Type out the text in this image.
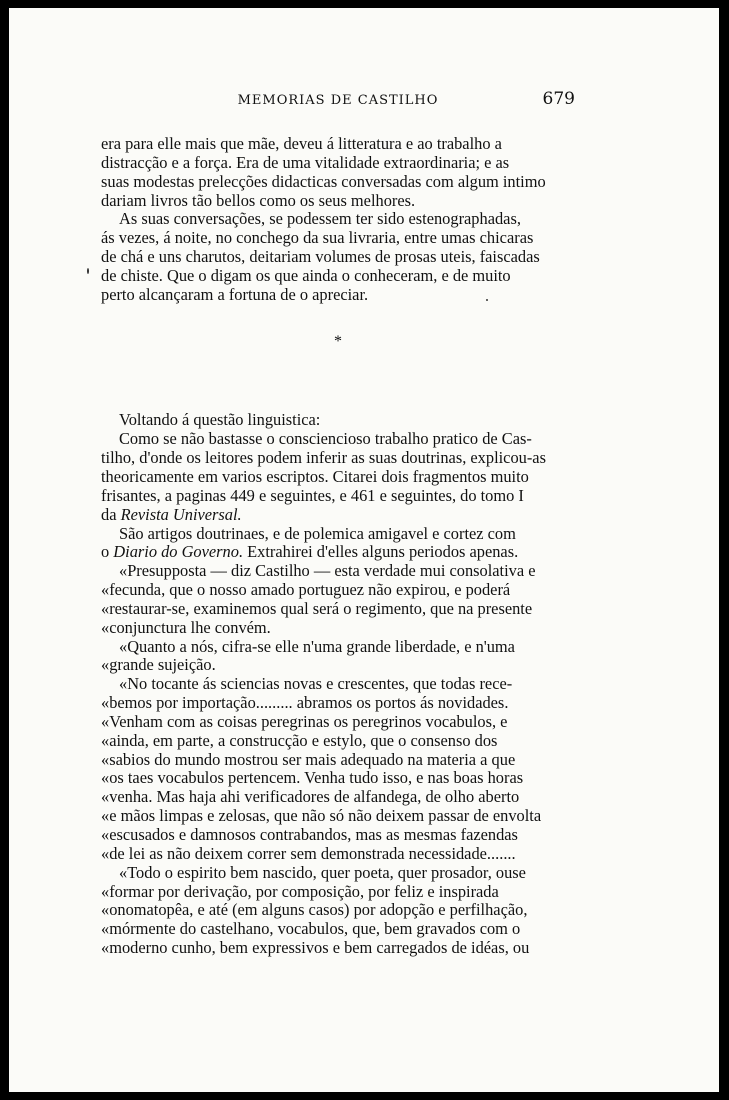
MEMORIAS DE CASTILHO	679
era para elle mais que mãe, deveu á litteratura e ao trabalho a
distracção e a força. Era de uma vitalidade extraordinaria; e as
suas modestas prelecções didacticas conversadas com algum intimo
dariam livros tão bellos como os seus melhores.
As suas conversações, se podessem ter sido estenographadas,
ás vezes, á noite, no conchego da sua livraria, entre umas chicaras
de chá e uns charutos, deitariam volumes de prosas uteis, faiscadas
de chiste. Que o digam os que ainda o conheceram, e de muito
perto alcançaram a fortuna de o apreciar.
*
Voltando á questão linguistica:
Como se não bastasse o consciencioso trabalho pratico de Cas-
tilho, d'onde os leitores podem inferir as suas doutrinas, explicou-as
theoricamente em varios escriptos. Citarei dois fragmentos muito
frisantes, a paginas 449 e seguintes, e 461 e seguintes, do tomo I
da Revista Universal.
São artigos doutrinaes, e de polemica amigavel e cortez com
o Diario do Governo. Extrahirei d'elles alguns periodos apenas.
«Presupposta — diz Castilho — esta verdade mui consolativa e
«fecunda, que o nosso amado portuguez não expirou, e poderá
«restaurar-se, examinemos qual será o regimento, que na presente
«conjunctura lhe convém.
«Quanto a nós, cifra-se elle n'uma grande liberdade, e n'uma
«grande sujeição.
«No tocante ás sciencias novas e crescentes, que todas rece-
«bemos por importação......... abramos os portos ás novidades.
«Venham com as coisas peregrinas os peregrinos vocabulos, e
«ainda, em parte, a construcção e estylo, que o consenso dos
«sabios do mundo mostrou ser mais adequado na materia a que
«os taes vocabulos pertencem. Venha tudo isso, e nas boas horas
«venha. Mas haja ahi verificadores de alfandega, de olho aberto
«e mãos limpas e zelosas, que não só não deixem passar de envolta
«escusados e damnosos contrabandos, mas as mesmas fazendas
«de lei as não deixem correr sem demonstrada necessidade.......
«Todo o espirito bem nascido, quer poeta, quer prosador, ouse
«formar por derivação, por composição, por feliz e inspirada
«onomatopêa, e até (em alguns casos) por adopção e perfilhação,
«mórmente do castelhano, vocabulos, que, bem gravados com o
«moderno cunho, bem expressivos e bem carregados de idéas, ou
